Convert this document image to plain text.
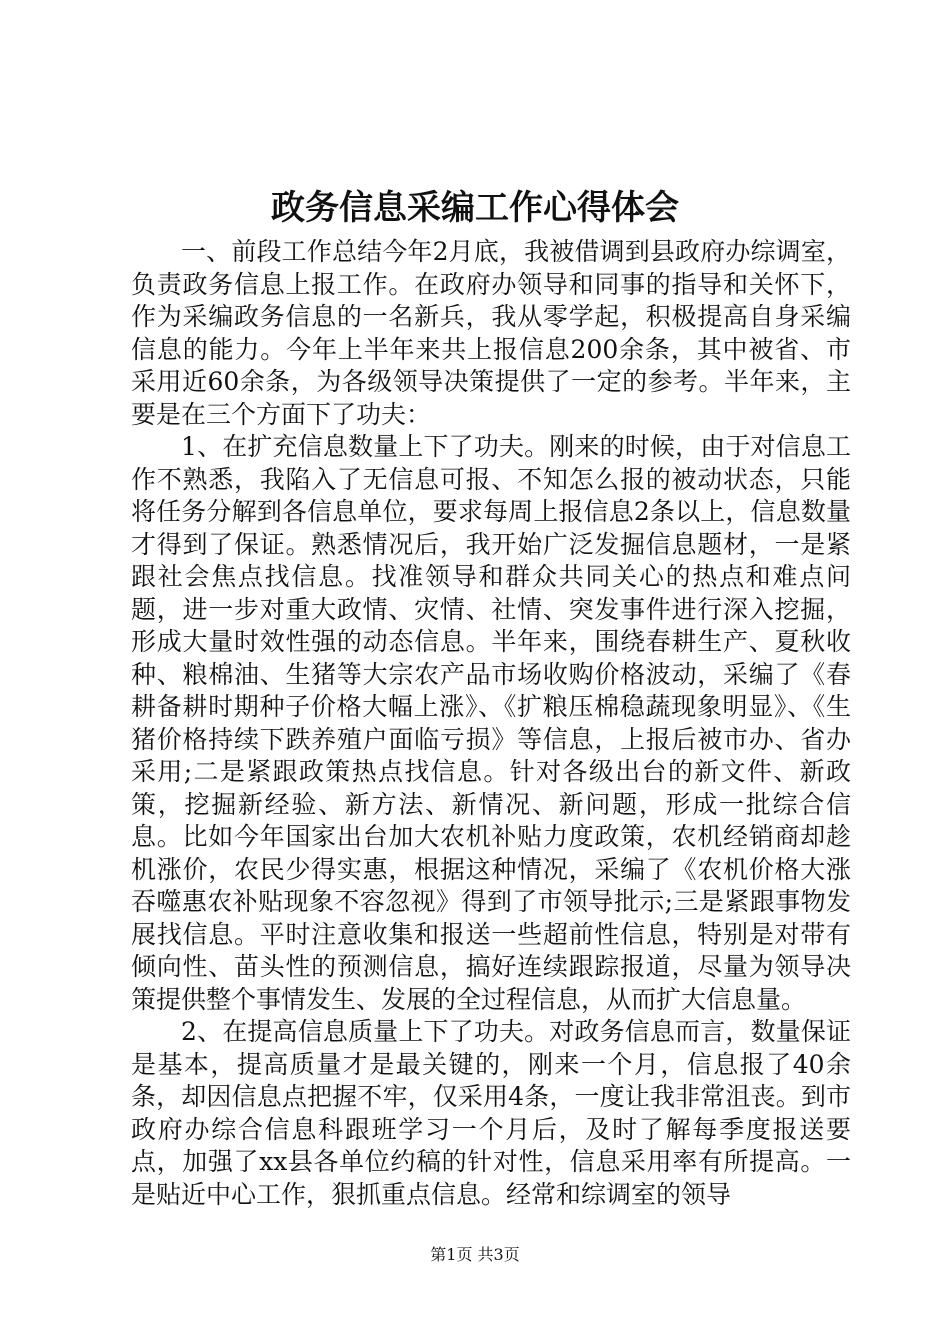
政务信息采编工作心得体会

一、前段工作总结今年2月底，我被借调到县政府办综调室，负责政务信息上报工作。在政府办领导和同事的指导和关怀下，作为采编政务信息的一名新兵，我从零学起，积极提高自身采编信息的能力。今年上半年来共上报信息200余条，其中被省、市采用近60余条，为各级领导决策提供了一定的参考。半年来，主要是在三个方面下了功夫：

1、在扩充信息数量上下了功夫。刚来的时候，由于对信息工作不熟悉，我陷入了无信息可报、不知怎么报的被动状态，只能将任务分解到各信息单位，要求每周上报信息2条以上，信息数量才得到了保证。熟悉情况后，我开始广泛发掘信息题材，一是紧跟社会焦点找信息。找准领导和群众共同关心的热点和难点问题，进一步对重大政情、灾情、社情、突发事件进行深入挖掘，形成大量时效性强的动态信息。半年来，围绕春耕生产、夏秋收种、粮棉油、生猪等大宗农产品市场收购价格波动，采编了《春耕备耕时期种子价格大幅上涨》、《扩粮压棉稳蔬现象明显》、《生猪价格持续下跌养殖户面临亏损》等信息，上报后被市办、省办采用;二是紧跟政策热点找信息。针对各级出台的新文件、新政策，挖掘新经验、新方法、新情况、新问题，形成一批综合信息。比如今年国家出台加大农机补贴力度政策，农机经销商却趁机涨价，农民少得实惠，根据这种情况，采编了《农机价格大涨吞噬惠农补贴现象不容忽视》得到了市领导批示;三是紧跟事物发展找信息。平时注意收集和报送一些超前性信息，特别是对带有倾向性、苗头性的预测信息，搞好连续跟踪报道，尽量为领导决策提供整个事情发生、发展的全过程信息，从而扩大信息量。

2、在提高信息质量上下了功夫。对政务信息而言，数量保证是基本，提高质量才是最关键的，刚来一个月，信息报了40余条，却因信息点把握不牢，仅采用4条，一度让我非常沮丧。到市政府办综合信息科跟班学习一个月后，及时了解每季度报送要点，加强了xx县各单位约稿的针对性，信息采用率有所提高。一是贴近中心工作，狠抓重点信息。经常和综调室的领导

第1页 共3页
